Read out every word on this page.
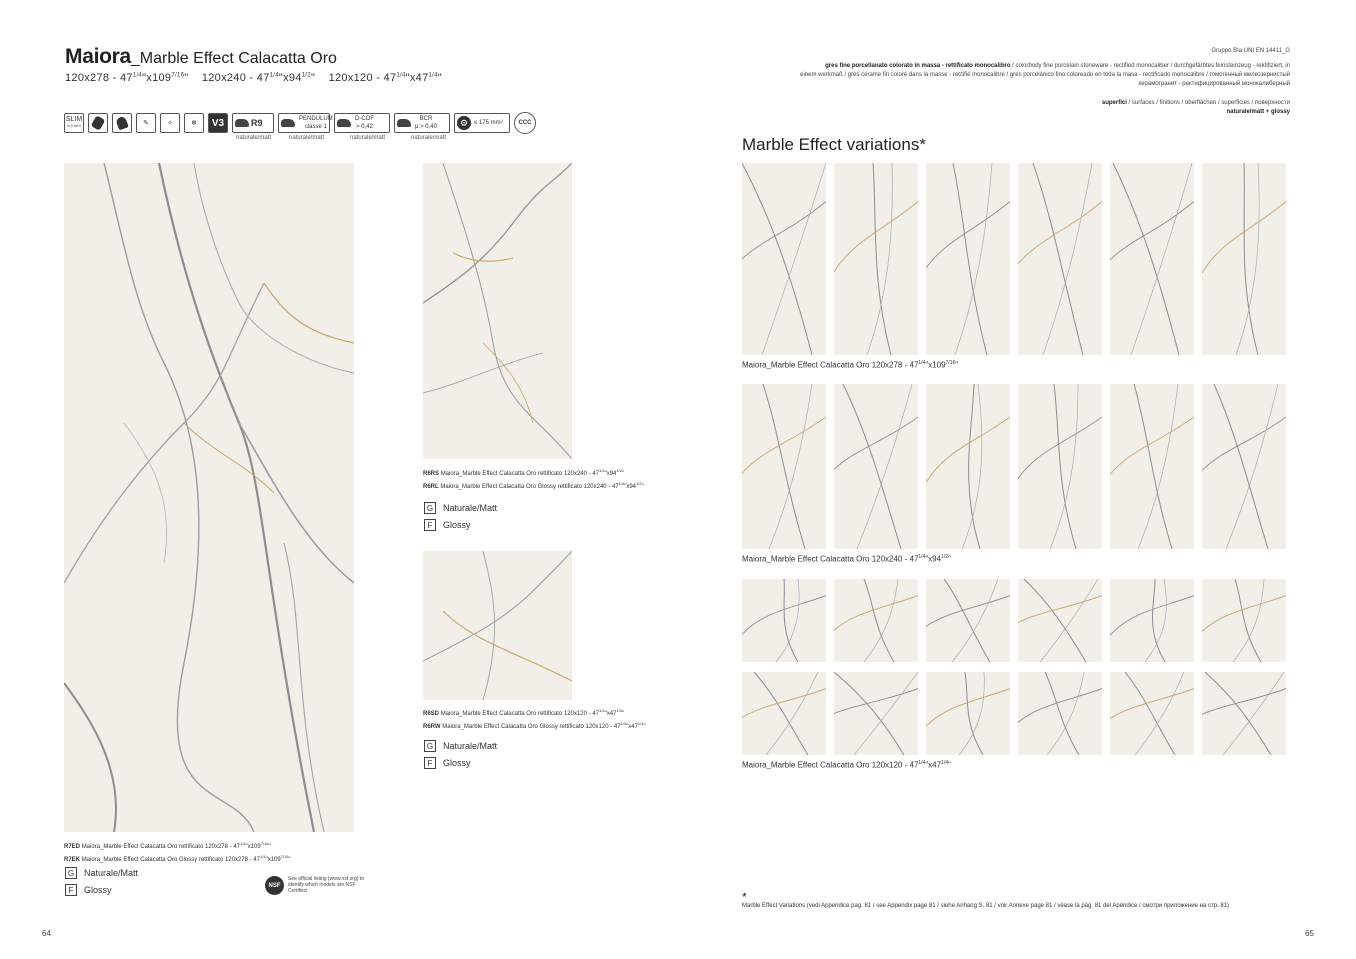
Maiora_Marble Effect Calacatta Oro
$120x278 - 47^{1/4}"x109^{7/16}$" $120x240 - 47^{1/4}"x94^{1/2}$" $120x120 - 47^{1/4}"x47^{1/4}$"
SLIM
6,0 mm	✎	✧	❄	V3	R9	PENDULUM
classe 1
D-COF
> 0,42
BCR
μ > 0,40	⚙ ≤ 175 mm³	CCC
naturale/matt	naturale/matt	naturale/matt	naturale/matt
R7ED Maiora_Marble Effect Calacatta Oro rettificato $120x278 - 47^{1/4}"x109^{7/16}$"
R7EK Maiora_Marble Effect Calacatta Oro Glossy rettificato $120x278 - 47^{1/4}"x109^{7/16}$"
G	Naturale/Matt
F	Glossy	NSF
See official listing (www.nsf.org) to identify which models are NSF Certified
R6RS Maiora_Marble Effect Calacatta Oro rettificato $120x240 - 47^{1/4}"x94^{1/2}$"
R6RL Maiora_Marble Effect Calacatta Oro Glossy rettificato $120x240 - 47^{1/4}"x94^{1/2}$"
G	Naturale/Matt
F	Glossy
R6SD Maiora_Marble Effect Calacatta Oro rettificato $120x120 - 47^{1/4}"x47^{1/4}$"
R6RW Maiora_Marble Effect Calacatta Oro Glossy rettificato $120x120 - 47^{1/4}"x47^{1/4}$"
G	Naturale/Matt
F	Glossy
64
Gruppo BIa UNI EN 14411_G
gres fine porcellanato colorato in massa - rettificato monocalibro / colorbody fine porcelain stoneware - rectified monocaliber / durchgefärbtes feinsteinzeug - rektifiziert, in
einem werkmaß / grès cérame fin coloré dans la masse - rectifié monocalibre / gres porcelánico fino coloreado en toda la masa - rectificado monocalibre / гомогенный мелкозернистый
керамогранит - ректифицированный монокалиберный
superfici / surfaces / finitions / oberflächen / superficies / поверхности
naturale/matt + glossy
Marble Effect variations*
Maiora_Marble Effect Calacatta Oro $120x278 - 47^{1/4}"x109^{7/16}$"
Maiora_Marble Effect Calacatta Oro $120x240 - 47^{1/4}"x94^{1/2}$"
Maiora_Marble Effect Calacatta Oro $120x120 - 47^{1/4}"x47^{1/4}$"
*
Marble Effect Variations (vedi Appendice pag. 81 / see Appendix page 81 / siehe Anhang S. 81 / voir Annexe page 81 / véase la pág. 81 del Apéndice / смотри приложение на стр. 81)
65
